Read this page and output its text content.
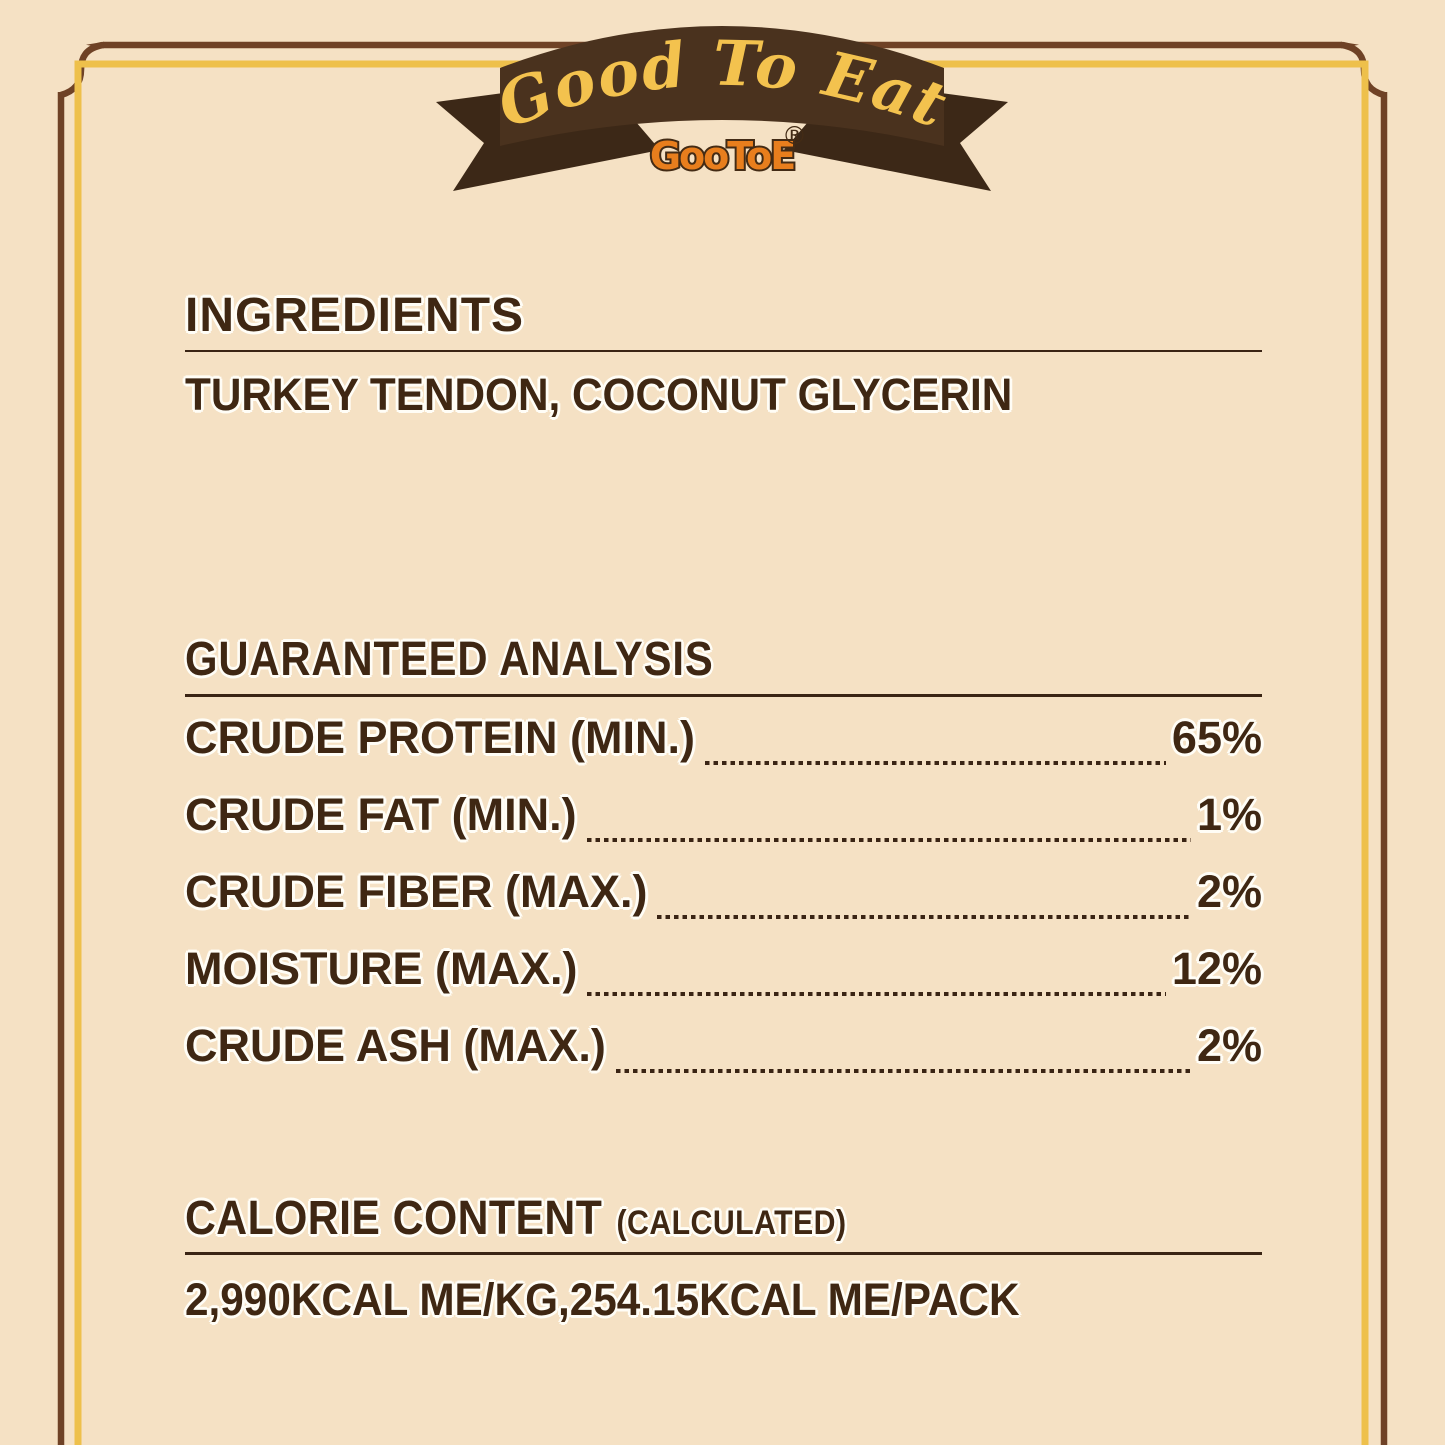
Good To Eat
GooToE
®
INGREDIENTS
TURKEY TENDON, COCONUT GLYCERIN
GUARANTEED ANALYSIS
CRUDE PROTEIN (MIN.)	65%
CRUDE FAT (MIN.)	1%
CRUDE FIBER (MAX.)	2%
MOISTURE (MAX.)	12%
CRUDE ASH (MAX.)	2%
CALORIE CONTENT (CALCULATED)
2,990KCAL ME/KG,254.15KCAL ME/PACK
